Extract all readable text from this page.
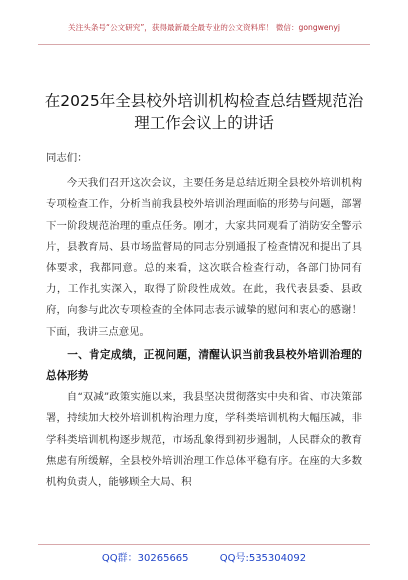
关注头条号“公文研究”，获得最新最全最专业的公文资料库！ 微信：gongwenyj
在2025年全县校外培训机构检查总结暨规范治理工作会议上的讲话

同志们：

今天我们召开这次会议，主要任务是总结近期全县校外培训机构专项检查工作，分析当前我县校外培训治理面临的形势与问题，部署下一阶段规范治理的重点任务。刚才，大家共同观看了消防安全警示片，县教育局、县市场监督局的同志分别通报了检查情况和提出了具体要求，我都同意。总的来看，这次联合检查行动，各部门协同有力，工作扎实深入，取得了阶段性成效。在此，我代表县委、县政府，向参与此次专项检查的全体同志表示诚挚的慰问和衷心的感谢！下面，我讲三点意见。

一、肯定成绩，正视问题，清醒认识当前我县校外培训治理的总体形势

自“双减”政策实施以来，我县坚决贯彻落实中央和省、市决策部署，持续加大校外培训机构治理力度，学科类培训机构大幅压减，非学科类培训机构逐步规范，市场乱象得到初步遏制，人民群众的教育焦虑有所缓解，全县校外培训治理工作总体平稳有序。在座的大多数机构负责人，能够顾全大局、积

QQ群：30265665	QQ号:535304092
